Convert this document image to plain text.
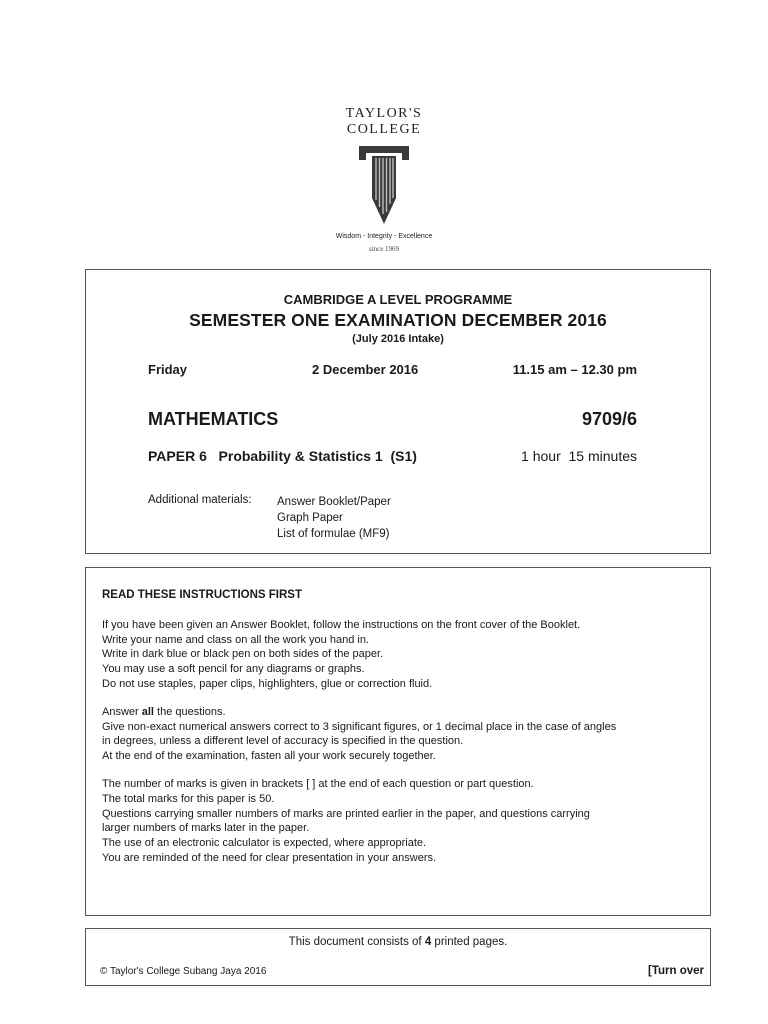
TAYLOR'S
COLLEGE
Wisdom - Integrity - Excellence
since 1969
CAMBRIDGE A LEVEL PROGRAMME
SEMESTER ONE EXAMINATION DECEMBER 2016
(July 2016 Intake)
Friday	2 December 2016	11.15 am – 12.30 pm
MATHEMATICS	9709/6
PAPER 6 Probability & Statistics 1 (S1)	1 hour  15 minutes
Additional materials: Answer Booklet/Paper
Graph Paper
List of formulae (MF9)
READ THESE INSTRUCTIONS FIRST
If you have been given an Answer Booklet, follow the instructions on the front cover of the Booklet.
Write your name and class on all the work you hand in.
Write in dark blue or black pen on both sides of the paper.
You may use a soft pencil for any diagrams or graphs.
Do not use staples, paper clips, highlighters, glue or correction fluid.
Answer all the questions.
Give non-exact numerical answers correct to 3 significant figures, or 1 decimal place in the case of angles
in degrees, unless a different level of accuracy is specified in the question.
At the end of the examination, fasten all your work securely together.
The number of marks is given in brackets [ ] at the end of each question or part question.
The total marks for this paper is 50.
Questions carrying smaller numbers of marks are printed earlier in the paper, and questions carrying
larger numbers of marks later in the paper.
The use of an electronic calculator is expected, where appropriate.
You are reminded of the need for clear presentation in your answers.
This document consists of 4 printed pages.
© Taylor's College Subang Jaya 2016	[Turn over
